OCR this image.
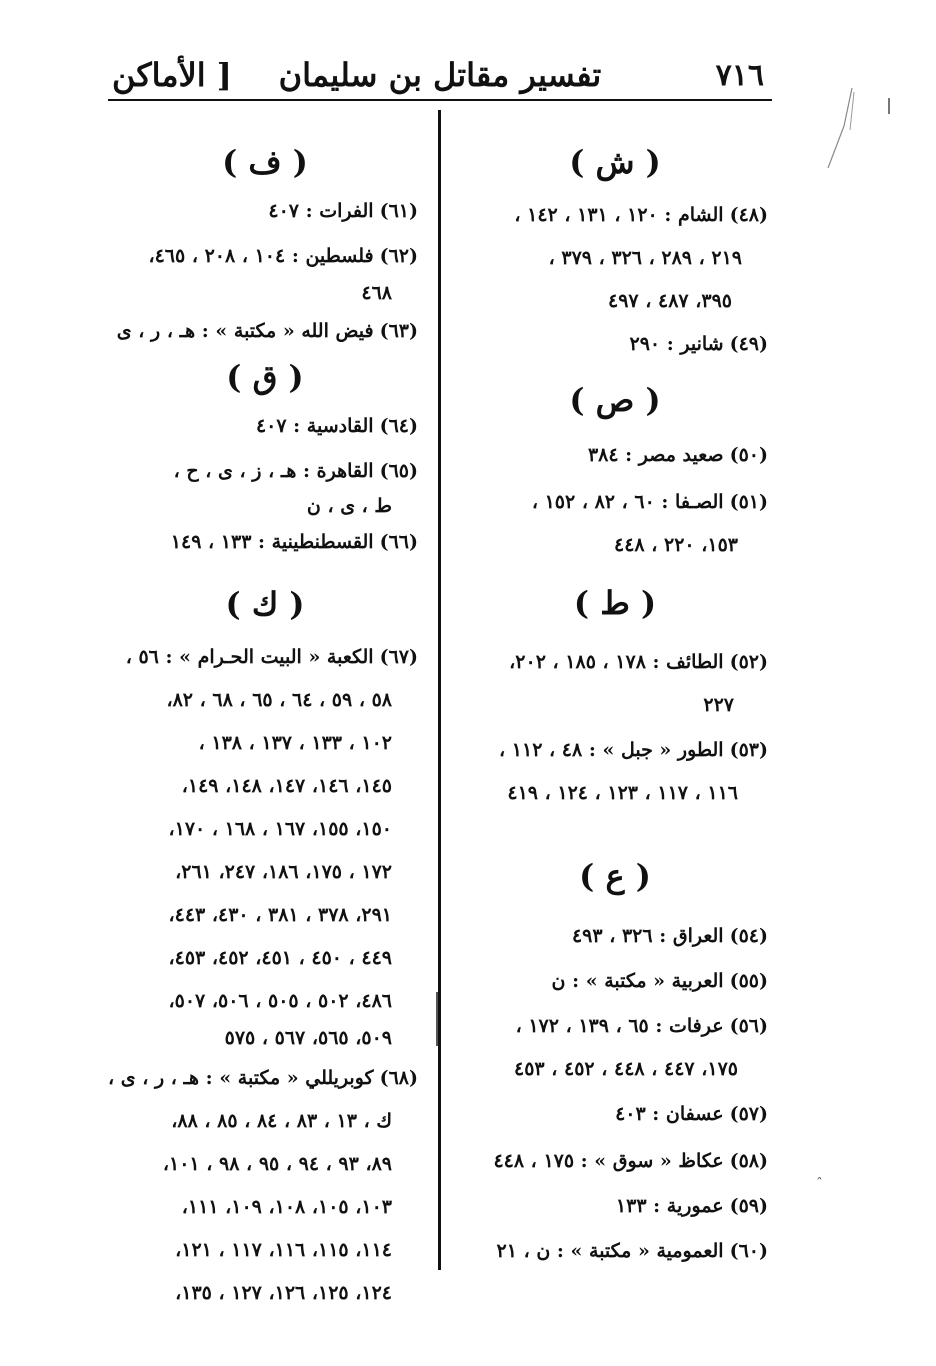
٧١٦
تفسير مقاتل بن سليمان
[ الأماكن
ˆ
( ش )
(٤٨)الشام : ١٢٠ ، ١٣١ ، ١٤٢ ،
٢١٩ ، ٢٨٩ ، ٣٢٦ ، ٣٧٩ ،
٣٩٥، ٤٨٧ ، ٤٩٧
(٤٩)شانير : ٢٩٠
( ص )
(٥٠)صعيد مصر : ٣٨٤
(٥١)الصـفا : ٦٠ ، ٨٢ ، ١٥٢ ،
١٥٣، ٢٢٠ ، ٤٤٨
( ط )
(٥٢)الطائف : ١٧٨ ، ١٨٥ ، ٢٠٢،
٢٢٧
(٥٣)الطور « جبل » : ٤٨ ، ١١٢ ،
١١٦ ، ١١٧ ، ١٢٣ ، ١٢٤ ، ٤١٩
( ع )
(٥٤)العراق : ٣٢٦ ، ٤٩٣
(٥٥)العربية « مكتبة » : ن
(٥٦)عرفات : ٦٥ ، ١٣٩ ، ١٧٢ ،
١٧٥، ٤٤٧ ، ٤٤٨ ، ٤٥٢ ، ٤٥٣
(٥٧)عسفان : ٤٠٣
(٥٨)عكاظ « سوق » : ١٧٥ ، ٤٤٨
(٥٩)عمورية : ١٣٣
(٦٠)العمومية « مكتبة » : ن ، ٢١
( ف )
(٦١)الفرات : ٤٠٧
(٦٢)فلسطين : ١٠٤ ، ٢٠٨ ، ٤٦٥،
٤٦٨
(٦٣)فيض الله « مكتبة » : هـ ، ر ، ى
( ق )
(٦٤)القادسية : ٤٠٧
(٦٥)القاهرة : هـ ، ز ، ى ، ح ،
ط ، ى ، ن
(٦٦)القسطنطينية : ١٣٣ ، ١٤٩
( ك )
(٦٧)الكعبة « البيت الحـرام » : ٥٦ ،
٥٨ ، ٥٩ ، ٦٤ ، ٦٥ ، ٦٨ ، ٨٢،
١٠٢ ، ١٣٣ ، ١٣٧ ، ١٣٨ ،
١٤٥، ١٤٦، ١٤٧، ١٤٨، ١٤٩،
١٥٠، ١٥٥، ١٦٧ ، ١٦٨ ، ١٧٠،
١٧٢ ، ١٧٥، ١٨٦، ٢٤٧، ٢٦١،
٢٩١، ٣٧٨ ، ٣٨١ ، ٤٣٠، ٤٤٣،
٤٤٩ ، ٤٥٠ ، ٤٥١، ٤٥٢، ٤٥٣،
٤٨٦، ٥٠٢ ، ٥٠٥ ، ٥٠٦، ٥٠٧،
٥٠٩، ٥٦٥، ٥٦٧ ، ٥٧٥
(٦٨)كوبريللي « مكتبة » : هـ ، ر ، ى ،
ك ، ١٣ ، ٨٣ ، ٨٤ ، ٨٥ ، ٨٨،
٨٩، ٩٣ ، ٩٤ ، ٩٥ ، ٩٨ ، ١٠١،
١٠٣، ١٠٥، ١٠٨، ١٠٩، ١١١،
١١٤، ١١٥، ١١٦، ١١٧ ، ١٢١،
١٢٤، ١٢٥، ١٢٦، ١٢٧ ، ١٣٥،
